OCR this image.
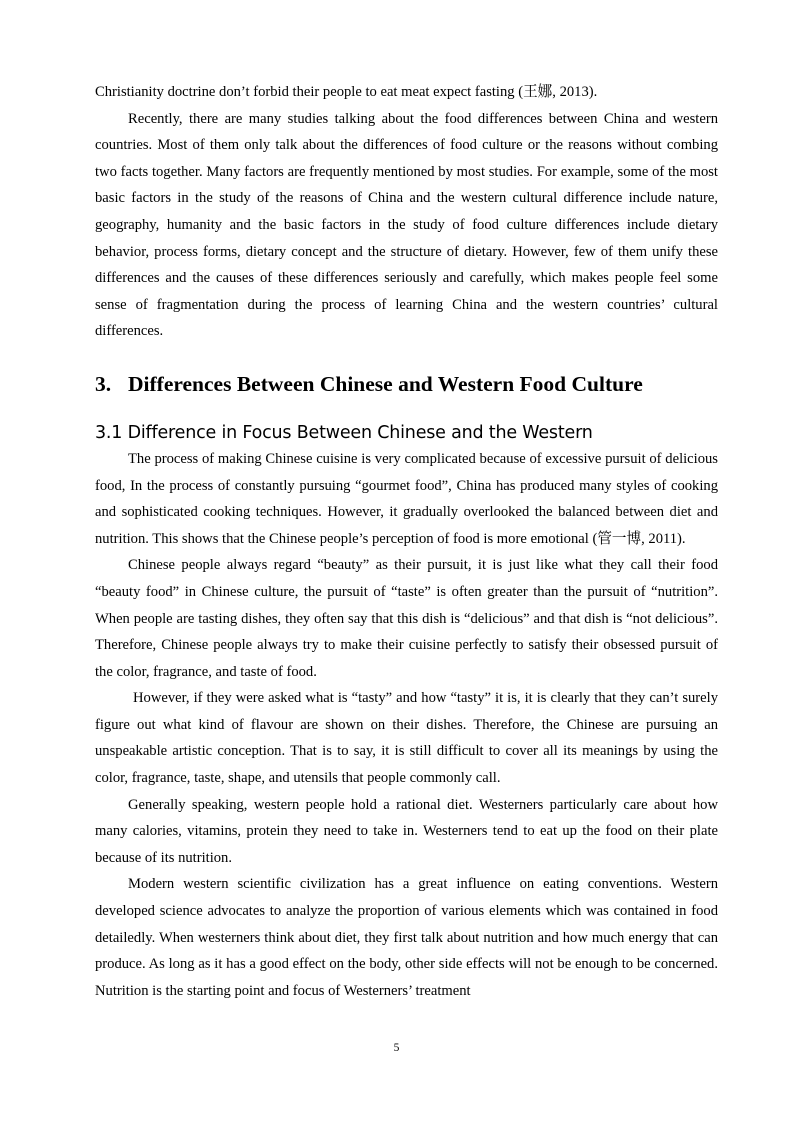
Christianity doctrine don’t forbid their people to eat meat expect fasting (王娜, 2013).

Recently, there are many studies talking about the food differences between China and western countries. Most of them only talk about the differences of food culture or the reasons without combing two facts together. Many factors are frequently mentioned by most studies. For example, some of the most basic factors in the study of the reasons of China and the western cultural difference include nature, geography, humanity and the basic factors in the study of food culture differences include dietary behavior, process forms, dietary concept and the structure of dietary. However, few of them unify these differences and the causes of these differences seriously and carefully, which makes people feel some sense of fragmentation during the process of learning China and the western countries’ cultural differences.

3. Differences Between Chinese and Western Food Culture
3.1 Difference in Focus Between Chinese and the Western

The process of making Chinese cuisine is very complicated because of excessive pursuit of delicious food, In the process of constantly pursuing “gourmet food”, China has produced many styles of cooking and sophisticated cooking techniques. However, it gradually overlooked the balanced between diet and nutrition. This shows that the Chinese people’s perception of food is more emotional (管一博, 2011).

Chinese people always regard “beauty” as their pursuit, it is just like what they call their food “beauty food” in Chinese culture, the pursuit of “taste” is often greater than the pursuit of “nutrition”. When people are tasting dishes, they often say that this dish is “delicious” and that dish is “not delicious”. Therefore, Chinese people always try to make their cuisine perfectly to satisfy their obsessed pursuit of the color, fragrance, and taste of food.

However, if they were asked what is “tasty” and how “tasty” it is, it is clearly that they can’t surely figure out what kind of flavour are shown on their dishes. Therefore, the Chinese are pursuing an unspeakable artistic conception. That is to say, it is still difficult to cover all its meanings by using the color, fragrance, taste, shape, and utensils that people commonly call.

Generally speaking, western people hold a rational diet. Westerners particularly care about how many calories, vitamins, protein they need to take in. Westerners tend to eat up the food on their plate because of its nutrition.

Modern western scientific civilization has a great influence on eating conventions. Western developed science advocates to analyze the proportion of various elements which was contained in food detailedly. When westerners think about diet, they first talk about nutrition and how much energy that can produce. As long as it has a good effect on the body, other side effects will not be enough to be concerned. Nutrition is the starting point and focus of Westerners’ treatment

5
